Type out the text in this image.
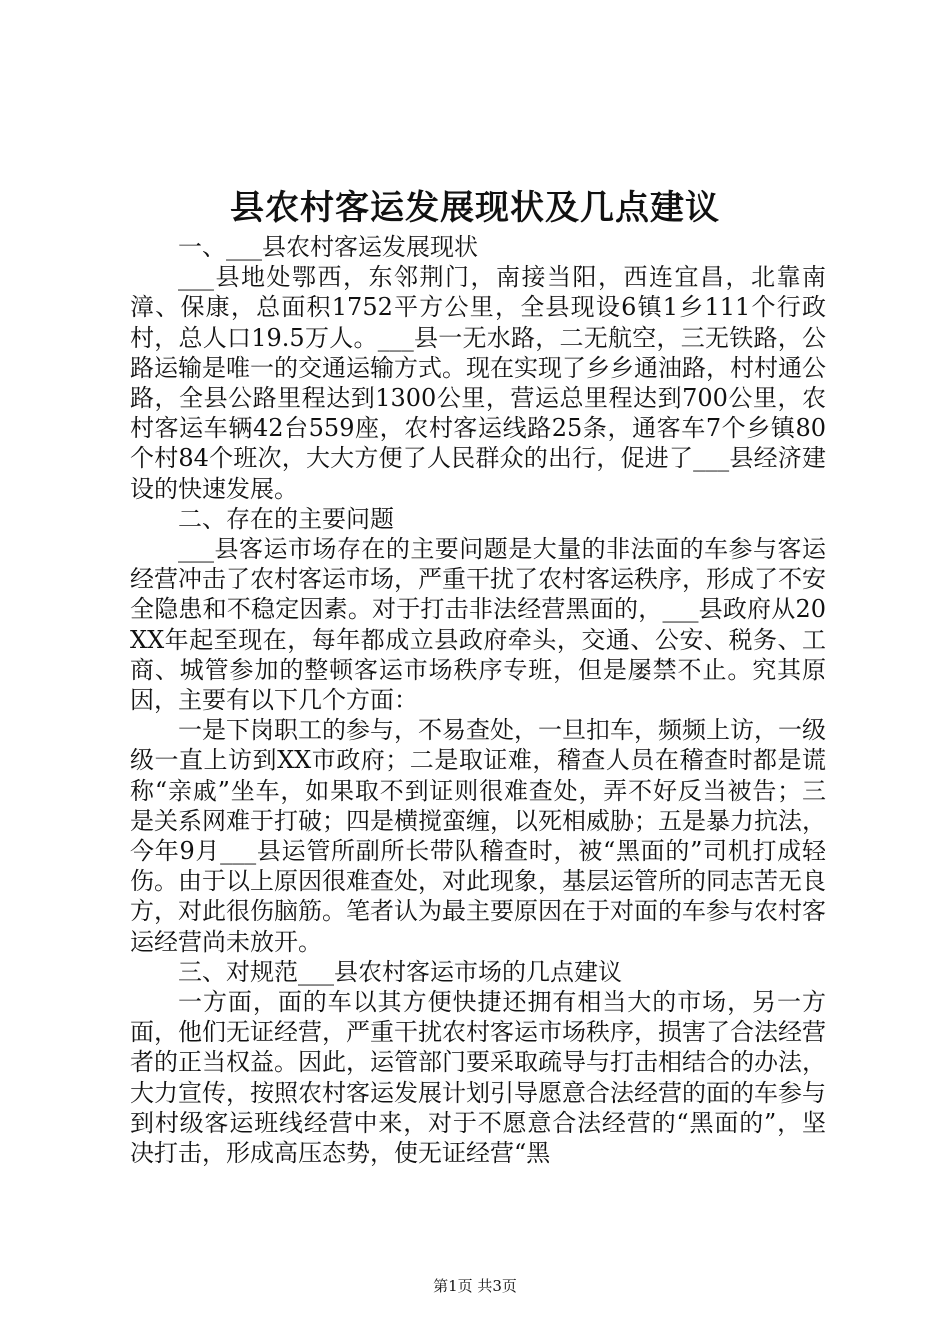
县农村客运发展现状及几点建议

一、___县农村客运发展现状

___县地处鄂西，东邻荆门，南接当阳，西连宜昌，北靠南漳、保康，总面积1752平方公里，全县现设6镇1乡111个行政村，总人口19.5万人。___县一无水路，二无航空，三无铁路，公路运输是唯一的交通运输方式。现在实现了乡乡通油路，村村通公路，全县公路里程达到1300公里，营运总里程达到700公里，农村客运车辆42台559座，农村客运线路25条，通客车7个乡镇80个村84个班次，大大方便了人民群众的出行，促进了___县经济建设的快速发展。

二、存在的主要问题

___县客运市场存在的主要问题是大量的非法面的车参与客运经营冲击了农村客运市场，严重干扰了农村客运秩序，形成了不安全隐患和不稳定因素。对于打击非法经营黑面的，___县政府从20XX年起至现在，每年都成立县政府牵头，交通、公安、税务、工商、城管参加的整顿客运市场秩序专班，但是屡禁不止。究其原因，主要有以下几个方面：

一是下岗职工的参与，不易查处，一旦扣车，频频上访，一级级一直上访到XX市政府；二是取证难，稽查人员在稽查时都是谎称“亲戚”坐车，如果取不到证则很难查处，弄不好反当被告；三是关系网难于打破；四是横搅蛮缠，以死相威胁；五是暴力抗法，今年9月___县运管所副所长带队稽查时，被“黑面的”司机打成轻伤。由于以上原因很难查处，对此现象，基层运管所的同志苦无良方，对此很伤脑筋。笔者认为最主要原因在于对面的车参与农村客运经营尚未放开。

三、对规范___县农村客运市场的几点建议

一方面，面的车以其方便快捷还拥有相当大的市场，另一方面，他们无证经营，严重干扰农村客运市场秩序，损害了合法经营者的正当权益。因此，运管部门要采取疏导与打击相结合的办法，大力宣传，按照农村客运发展计划引导愿意合法经营的面的车参与到村级客运班线经营中来，对于不愿意合法经营的“黑面的”，坚决打击，形成高压态势，使无证经营“黑

第1页 共3页
